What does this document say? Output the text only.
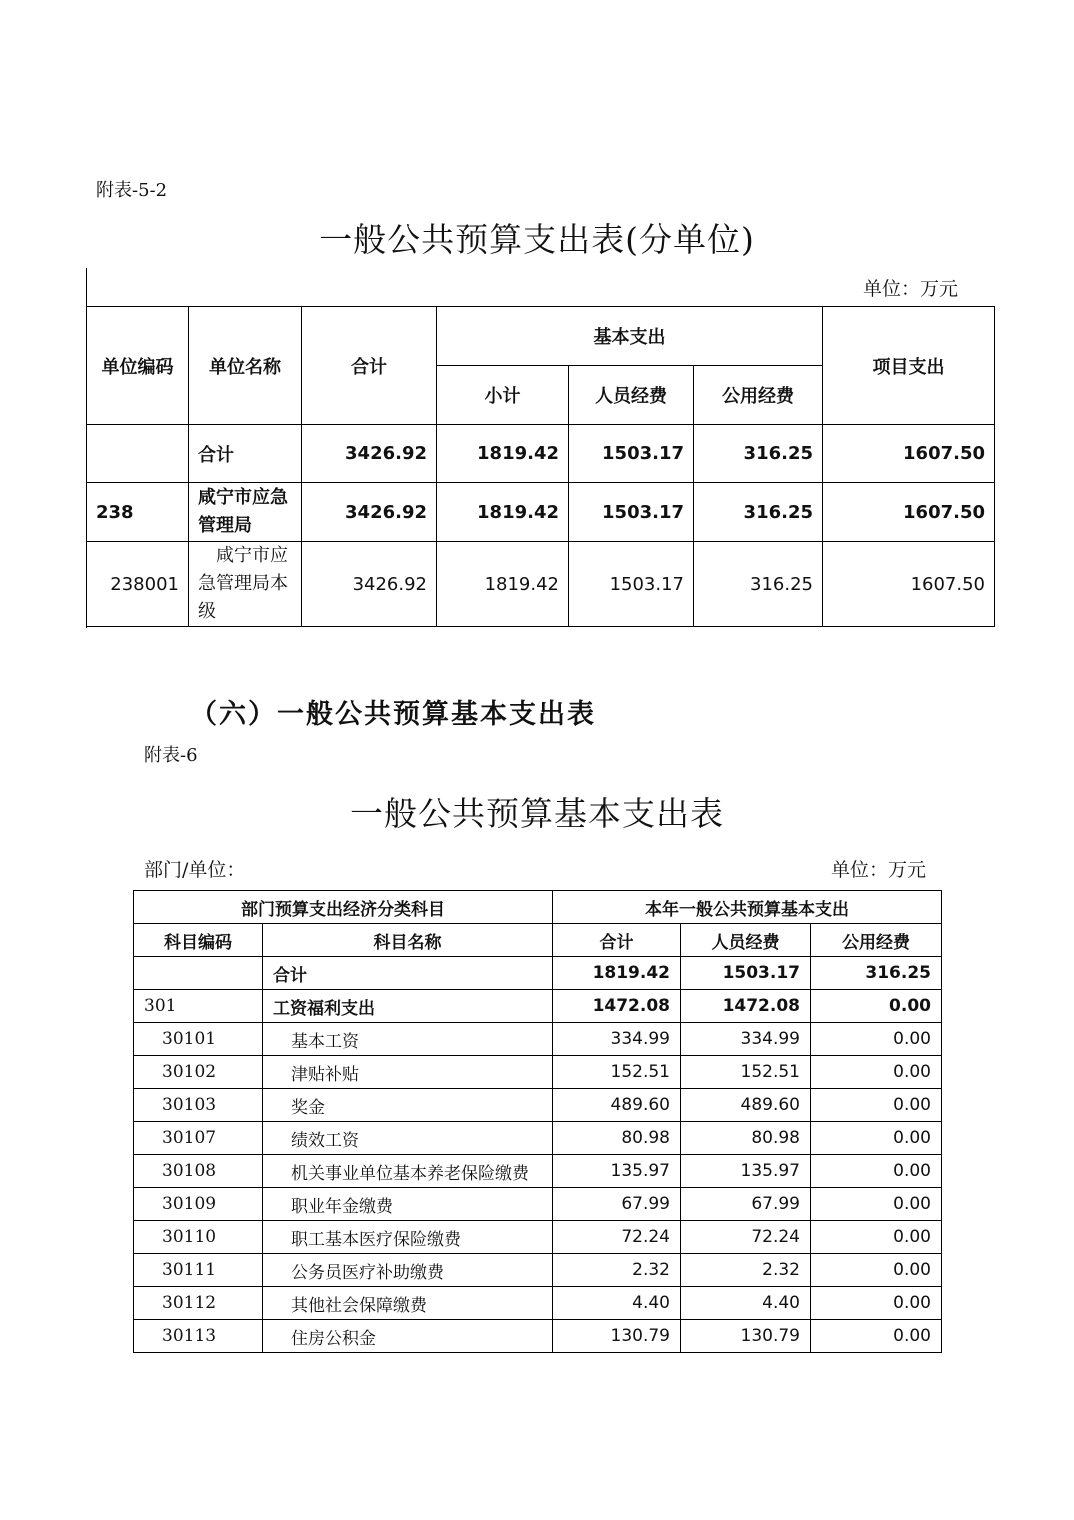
附表-5-2
一般公共预算支出表(分单位)
单位：万元
单位编码	单位名称	合计	基本支出			项目支出
			小计	人员经费	公用经费	
	合计	3426.92	1819.42	1503.17	316.25	1607.50
238	咸宁市应急管理局	3426.92	1819.42	1503.17	316.25	1607.50
238001	咸宁市应急管理局本级	3426.92	1819.42	1503.17	316.25	1607.50
（六）一般公共预算基本支出表
附表-6
一般公共预算基本支出表
部门/单位：	单位：万元
部门预算支出经济分类科目		本年一般公共预算基本支出		
科目编码	科目名称	合计	人员经费	公用经费
	合计	1819.42	1503.17	316.25
301	工资福利支出	1472.08	1472.08	0.00
30101	基本工资	334.99	334.99	0.00
30102	津贴补贴	152.51	152.51	0.00
30103	奖金	489.60	489.60	0.00
30107	绩效工资	80.98	80.98	0.00
30108	机关事业单位基本养老保险缴费	135.97	135.97	0.00
30109	职业年金缴费	67.99	67.99	0.00
30110	职工基本医疗保险缴费	72.24	72.24	0.00
30111	公务员医疗补助缴费	2.32	2.32	0.00
30112	其他社会保障缴费	4.40	4.40	0.00
30113	住房公积金	130.79	130.79	0.00
